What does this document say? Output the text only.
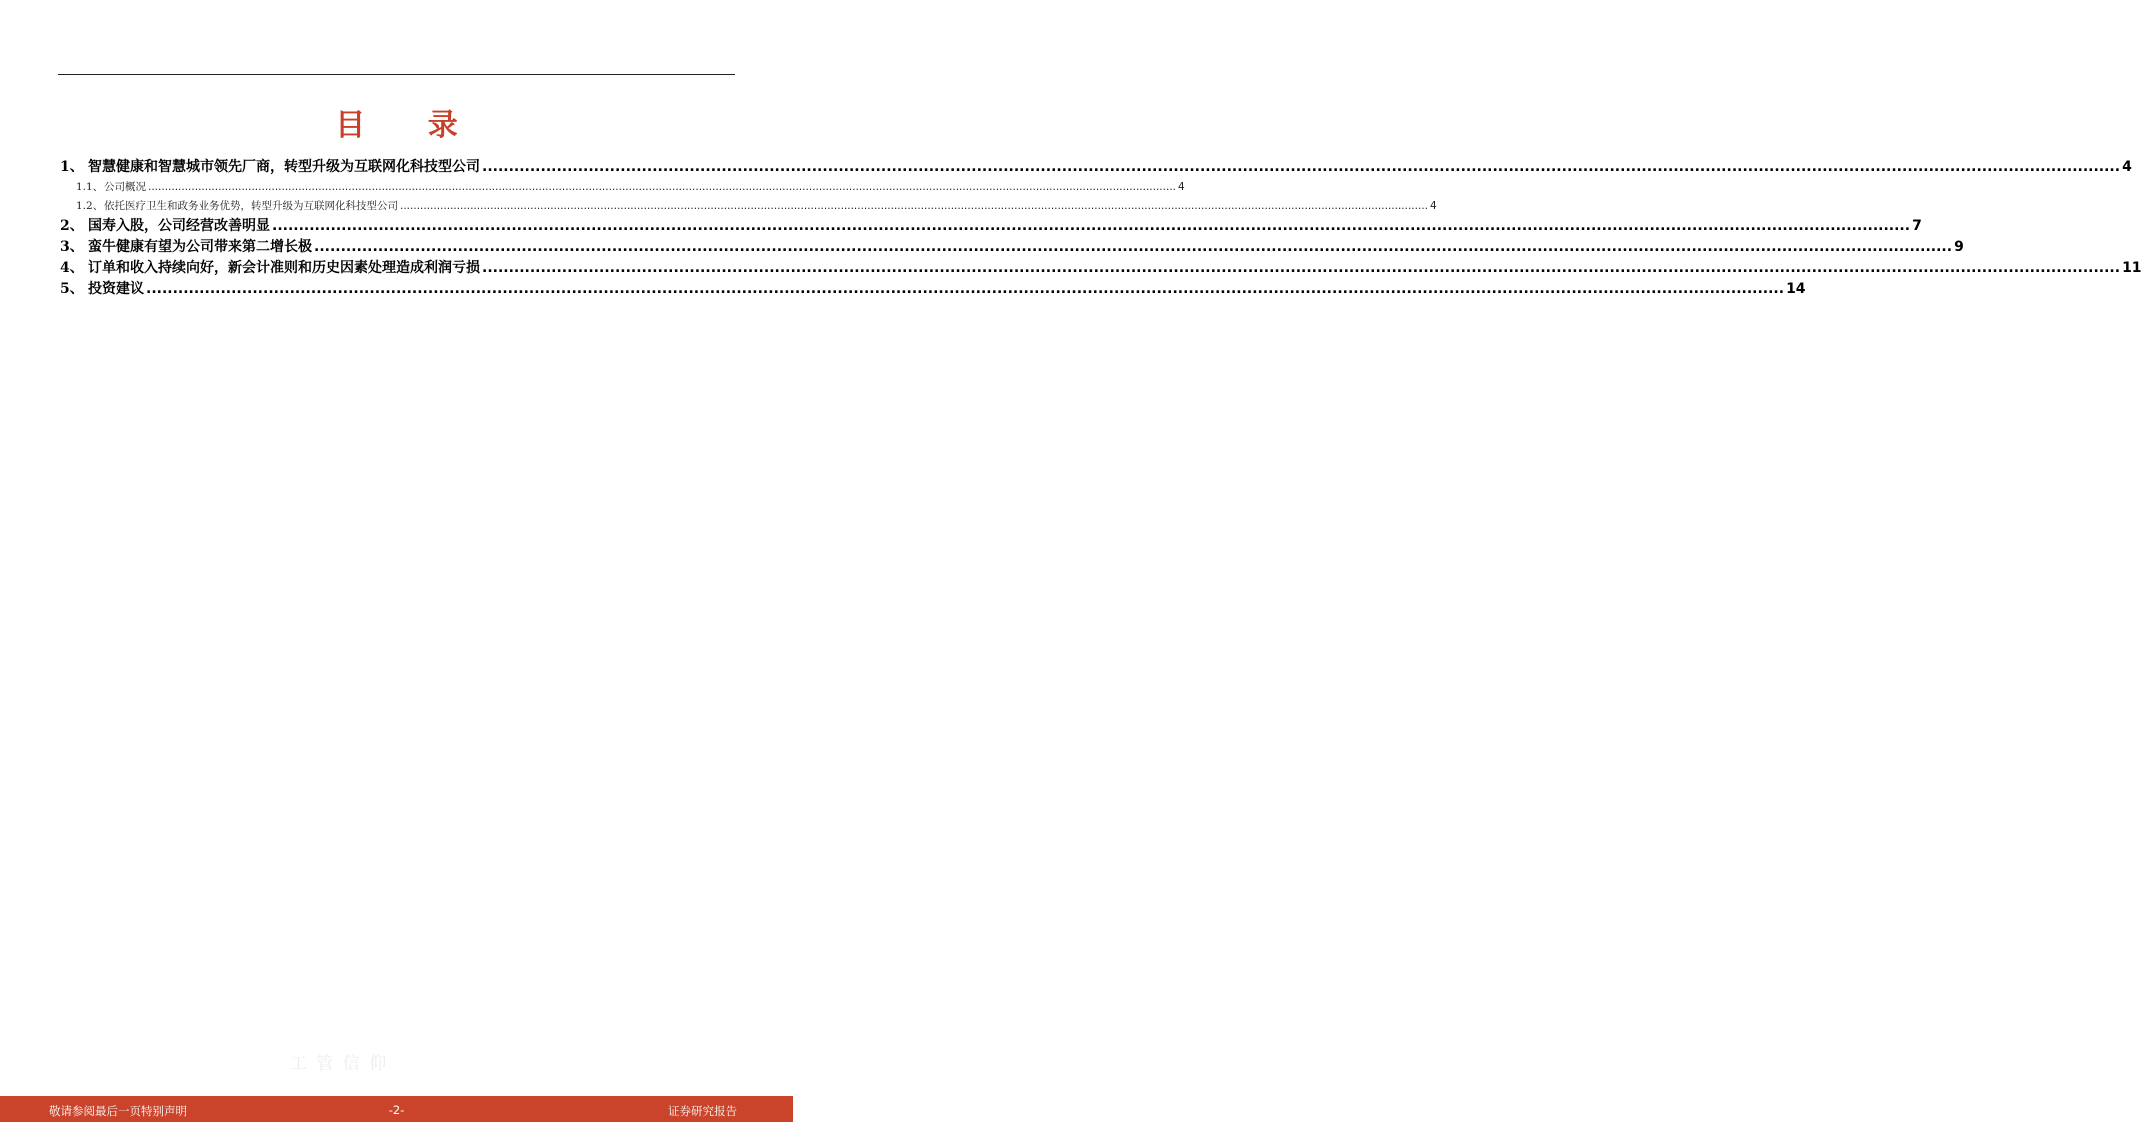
目 录
1、 智慧健康和智慧城市领先厂商，转型升级为互联网化科技型公司 .....	4
1.1、 公司概况 .....	4
1.2、 依托医疗卫生和政务业务优势，转型升级为互联网化科技型公司 .....	4
2、 国寿入股，公司经营改善明显 .....	7
3、 蛮牛健康有望为公司带来第二增长极 .....	9
4、 订单和收入持续向好，新会计准则和历史因素处理造成利润亏损 .....	11
5、 投资建议 .....	14
工 管 信 仰
敬请参阅最后一页特别声明	-2-	证券研究报告
